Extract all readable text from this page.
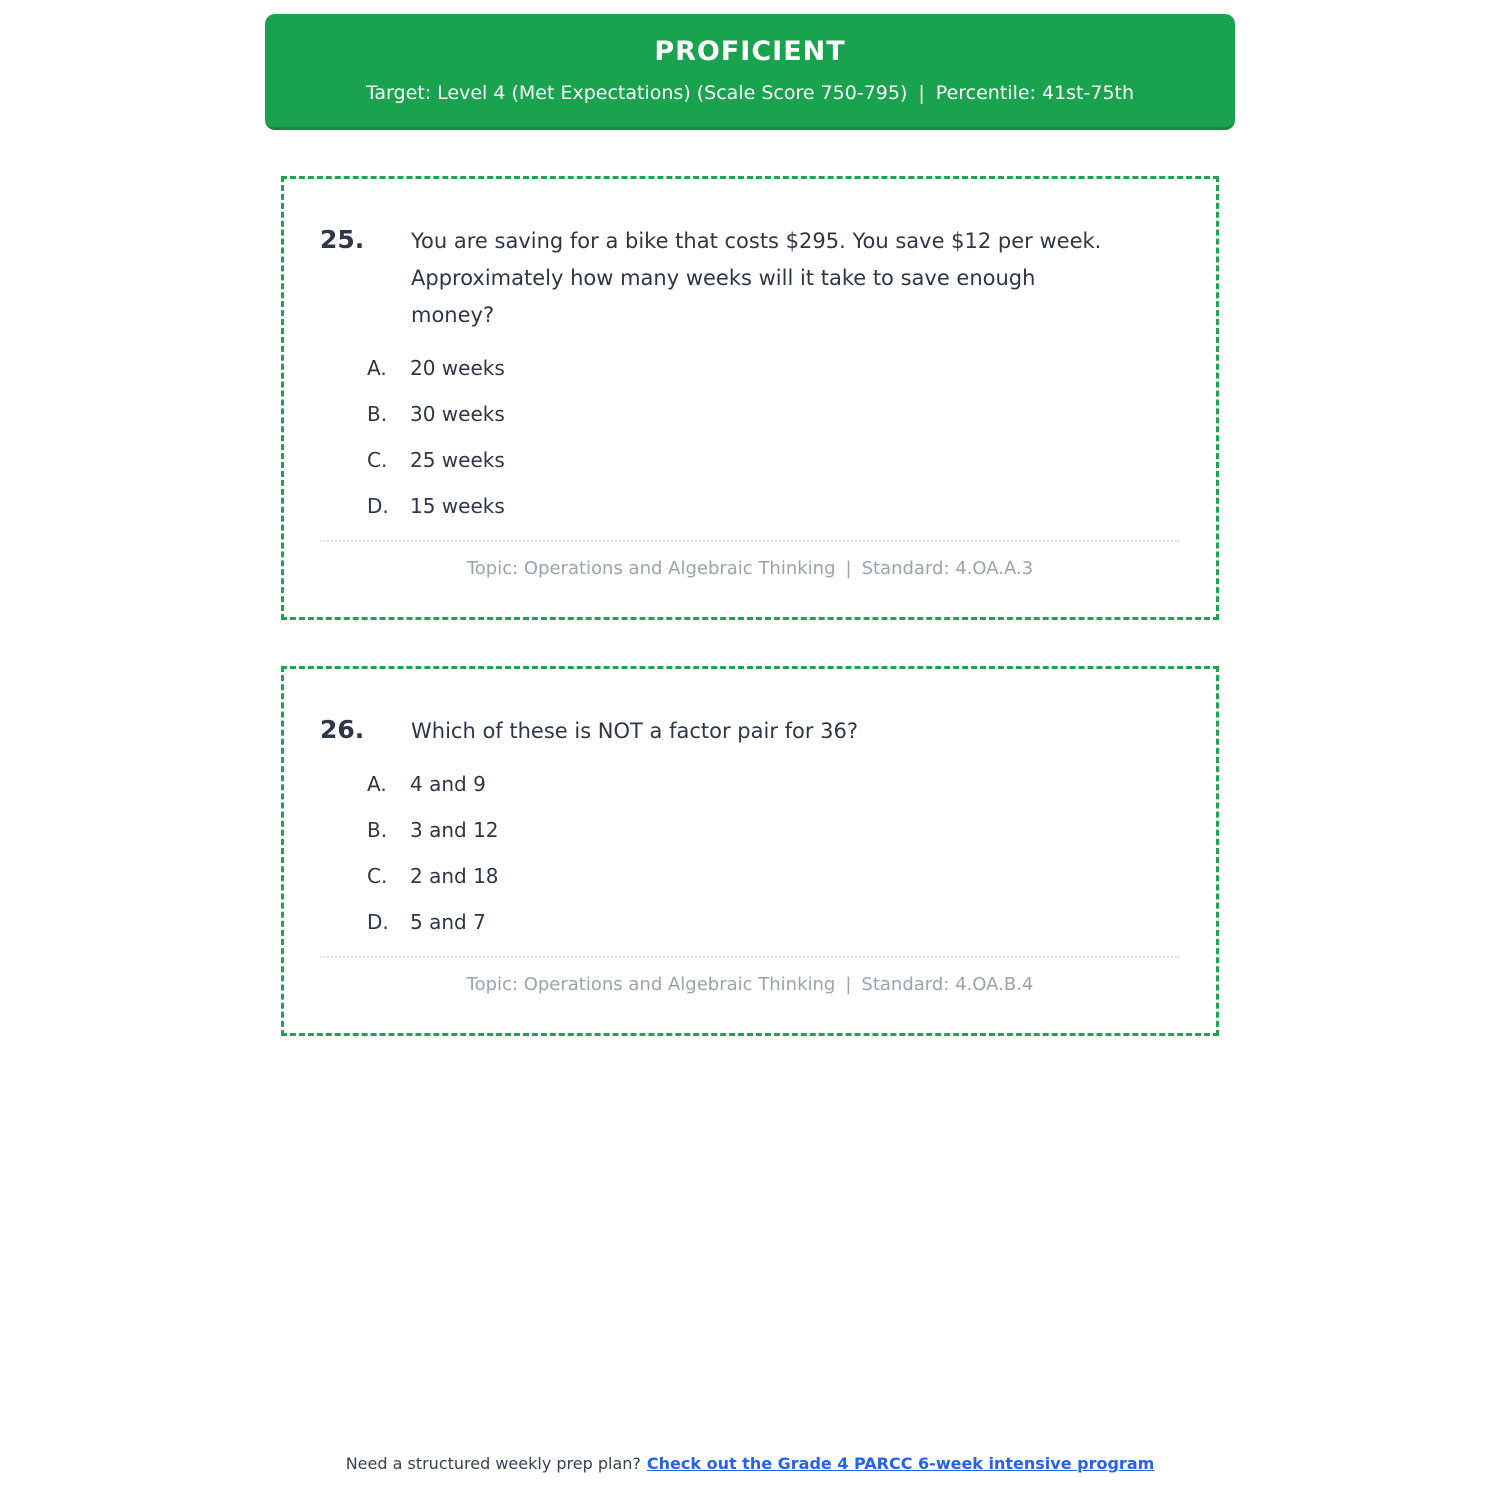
PROFICIENT
Target: Level 4 (Met Expectations) (Scale Score 750-795) | Percentile: 41st-75th
25.	You are saving for a bike that costs $295. You save $12 per week.
Approximately how many weeks will it take to save enough
money?
A.	20 weeks
B.	30 weeks
C.	25 weeks
D.	15 weeks
Topic: Operations and Algebraic Thinking | Standard: 4.OA.A.3
26.	Which of these is NOT a factor pair for 36?
A.	4 and 9
B.	3 and 12
C.	2 and 18
D.	5 and 7
Topic: Operations and Algebraic Thinking | Standard: 4.OA.B.4
Need a structured weekly prep plan? Check out the Grade 4 PARCC 6-week intensive program
